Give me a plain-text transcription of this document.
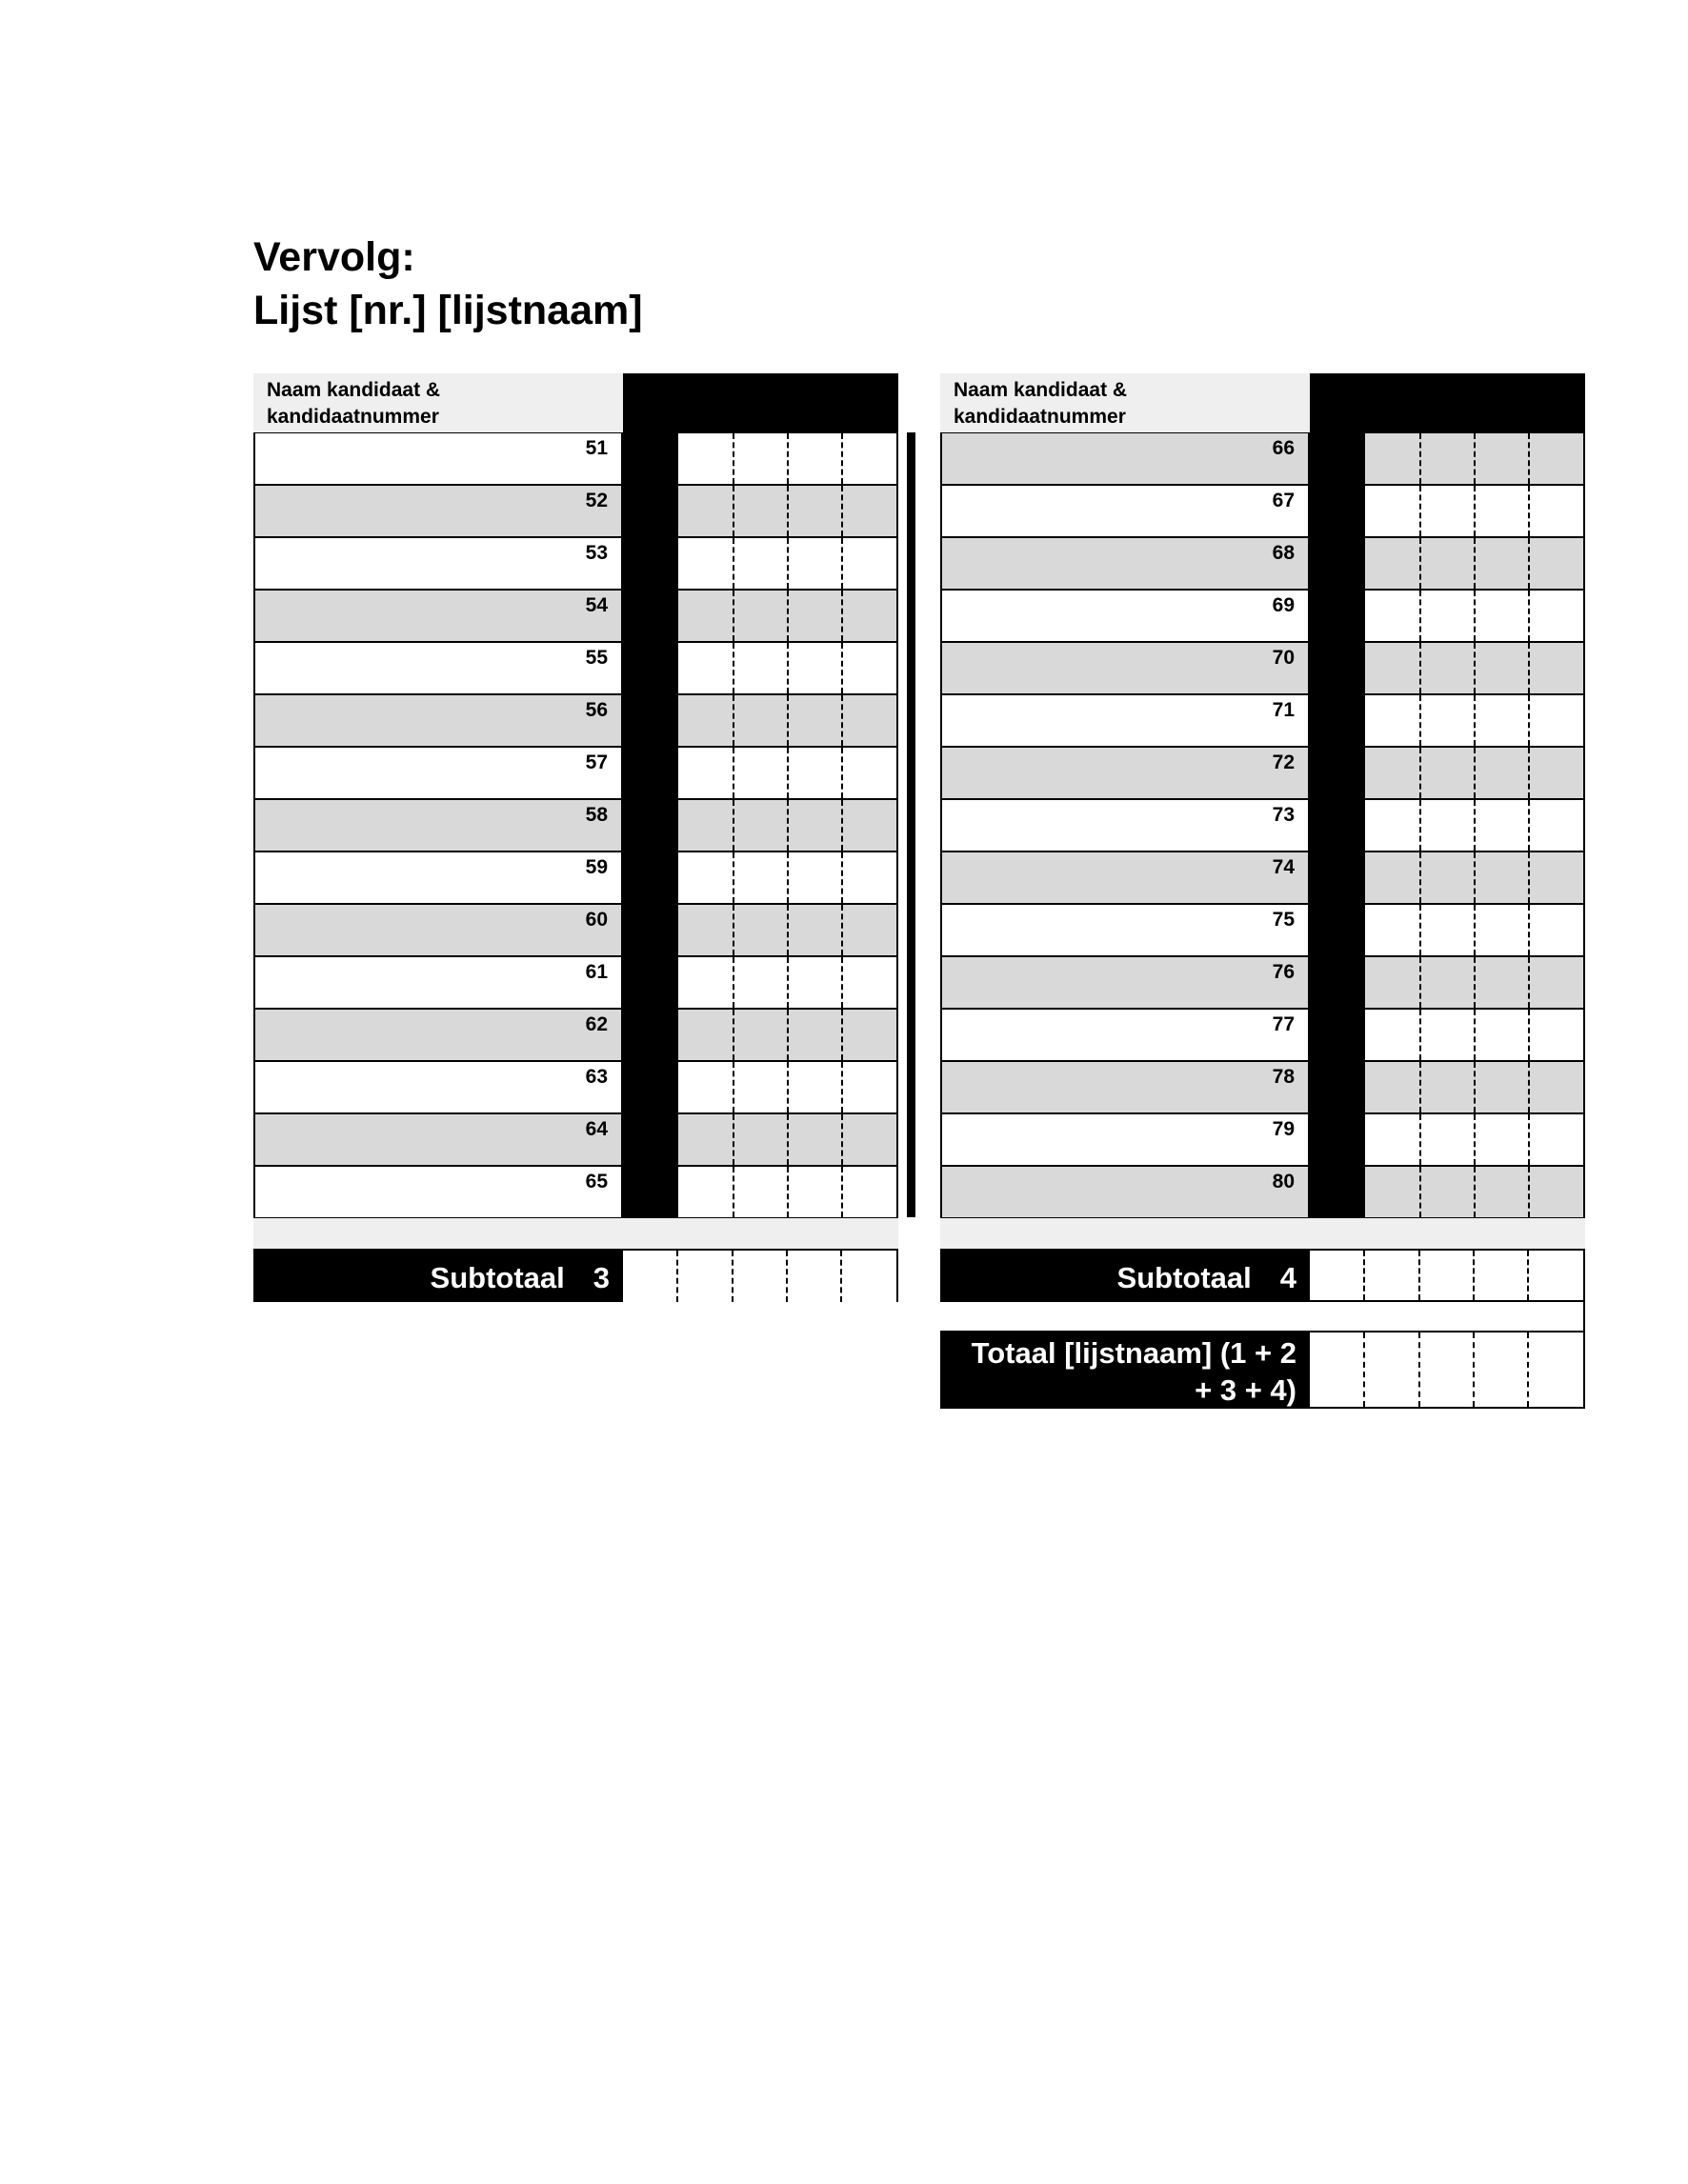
Vervolg:
Lijst [nr.] [lijstnaam]
Naam kandidaat & kandidaatnummer
51
52
53
54
55
56
57
58
59
60
61
62
63
64
65
Subtotaal 3
Naam kandidaat & kandidaatnummer
66
67
68
69
70
71
72
73
74
75
76
77
78
79
80
Subtotaal 4
Totaal [lijstnaam] (1 + 2 + 3 + 4)
